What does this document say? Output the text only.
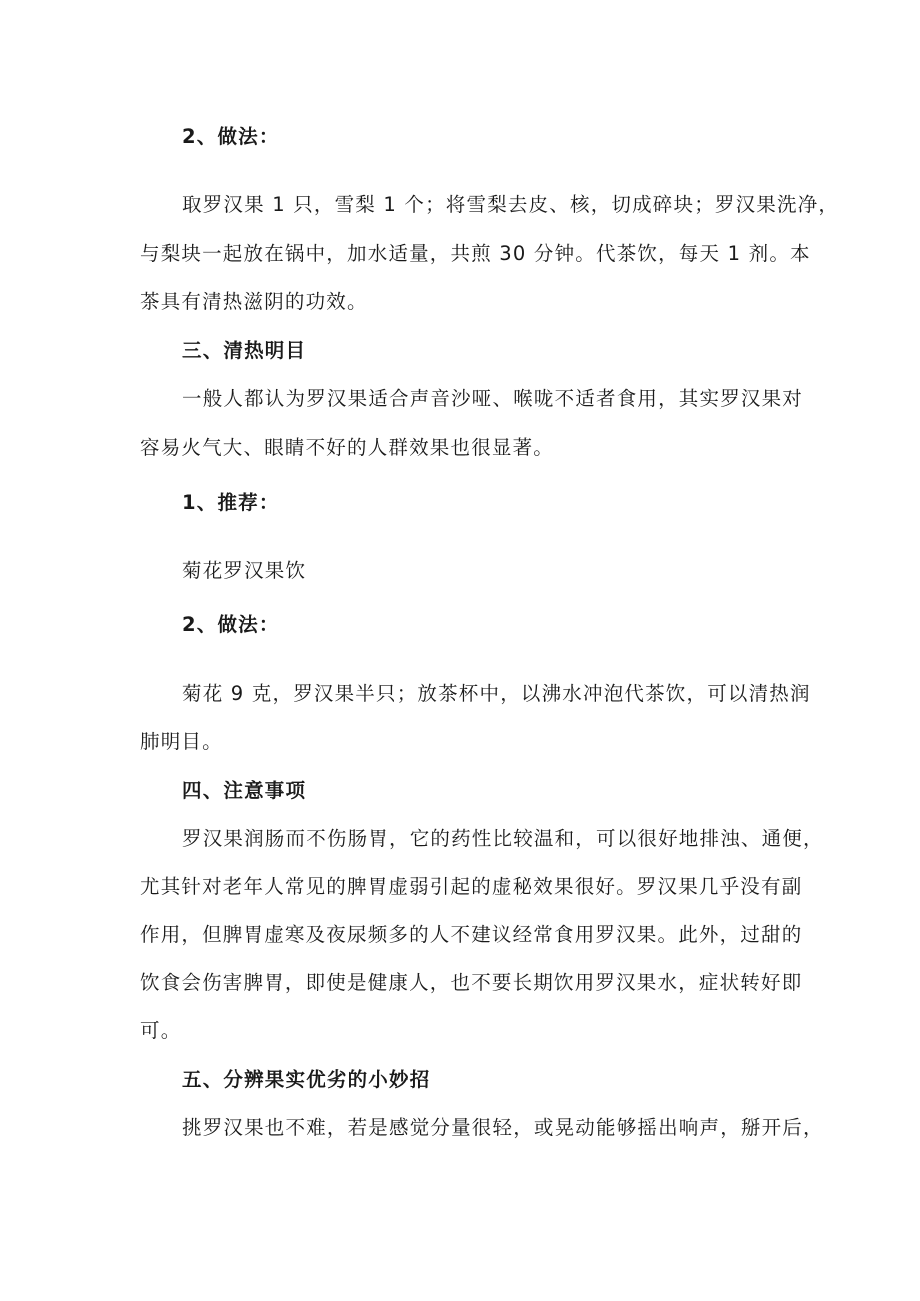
2、做法：
取罗汉果 1 只，雪梨 1 个；将雪梨去皮、核，切成碎块；罗汉果洗净，
与梨块一起放在锅中，加水适量，共煎 30 分钟。代茶饮，每天 1 剂。本
茶具有清热滋阴的功效。
三、清热明目
一般人都认为罗汉果适合声音沙哑、喉咙不适者食用，其实罗汉果对
容易火气大、眼睛不好的人群效果也很显著。
1、推荐：
菊花罗汉果饮
2、做法：
菊花 9 克，罗汉果半只；放茶杯中，以沸水冲泡代茶饮，可以清热润
肺明目。
四、注意事项
罗汉果润肠而不伤肠胃，它的药性比较温和，可以很好地排浊、通便，
尤其针对老年人常见的脾胃虚弱引起的虚秘效果很好。罗汉果几乎没有副
作用，但脾胃虚寒及夜尿频多的人不建议经常食用罗汉果。此外，过甜的
饮食会伤害脾胃，即使是健康人，也不要长期饮用罗汉果水，症状转好即
可。
五、分辨果实优劣的小妙招
挑罗汉果也不难，若是感觉分量很轻，或晃动能够摇出响声，掰开后，
